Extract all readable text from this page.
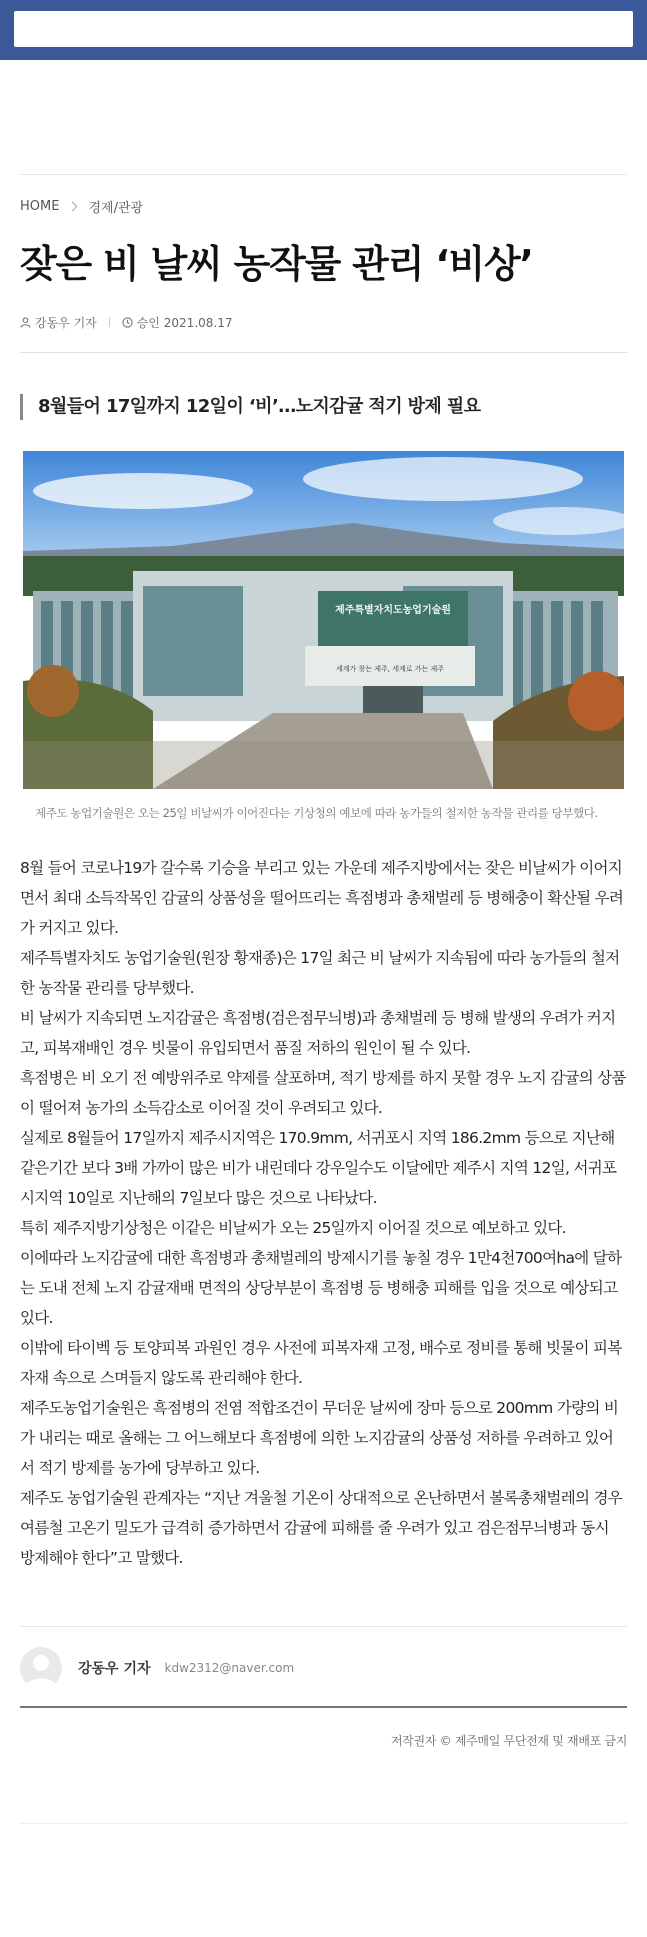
HOME 경제/관광
잦은 비 날씨 농작물 관리 ‘비상’
강동우 기자	승인 2021.08.17
8월들어 17일까지 12일이 ‘비’…노지감귤 적기 방제 필요
제주특별자치도농업기술원
세계가 찾는 제주, 세계로 가는 제주

제주도 농업기술원은 오는 25일 비날씨가 이어진다는 기상청의 예보에 따라 농가들의 철저한 농작물 관리를 당부했다.

8월 들어 코로나19가 갈수록 기승을 부리고 있는 가운데 제주지방에서는 잦은 비날씨가 이어지면서 최대 소득작목인 감귤의 상품성을 떨어뜨리는 흑점병과 총채벌레 등 병해충이 확산될 우려가 커지고 있다.

제주특별자치도 농업기술원(원장 황재종)은 17일 최근 비 날씨가 지속됨에 따라 농가들의 철저한 농작물 관리를 당부했다.

비 날씨가 지속되면 노지감귤은 흑점병(검은점무늬병)과 총채벌레 등 병해 발생의 우려가 커지고, 피복재배인 경우 빗물이 유입되면서 품질 저하의 원인이 될 수 있다.

흑점병은 비 오기 전 예방위주로 약제를 살포하며, 적기 방제를 하지 못할 경우 노지 감귤의 상품이 떨어져 농가의 소득감소로 이어질 것이 우려되고 있다.

실제로 8월들어 17일까지 제주시지역은 170.9mm, 서귀포시 지역 186.2mm 등으로 지난해 같은기간 보다 3배 가까이 많은 비가 내린데다 강우일수도 이달에만 제주시 지역 12일, 서귀포시지역 10일로 지난해의 7일보다 많은 것으로 나타났다.

특히 제주지방기상청은 이같은 비날씨가 오는 25일까지 이어질 것으로 예보하고 있다.

이에따라 노지감귤에 대한 흑점병과 총채벌레의 방제시기를 놓칠 경우 1만4천700여ha에 달하는 도내 전체 노지 감귤재배 면적의 상당부분이 흑점병 등 병해충 피해를 입을 것으로 예상되고 있다.

이밖에 타이벡 등 토양피복 과원인 경우 사전에 피복자재 고정, 배수로 정비를 통해 빗물이 피복자재 속으로 스며들지 않도록 관리해야 한다.

제주도농업기술원은 흑점병의 전염 적합조건이 무더운 날씨에 장마 등으로 200mm 가량의 비가 내리는 때로 올해는 그 어느해보다 흑점병에 의한 노지감귤의 상품성 저하를 우려하고 있어서 적기 방제를 농가에 당부하고 있다.

제주도 농업기술원 관계자는 “지난 겨울철 기온이 상대적으로 온난하면서 볼록총채벌레의 경우 여름철 고온기 밀도가 급격히 증가하면서 감귤에 피해를 줄 우려가 있고 검은점무늬병과 동시 방제해야 한다”고 말했다.

강동우 기자 kdw2312@naver.com

저작권자 © 제주매일 무단전재 및 재배포 금지
